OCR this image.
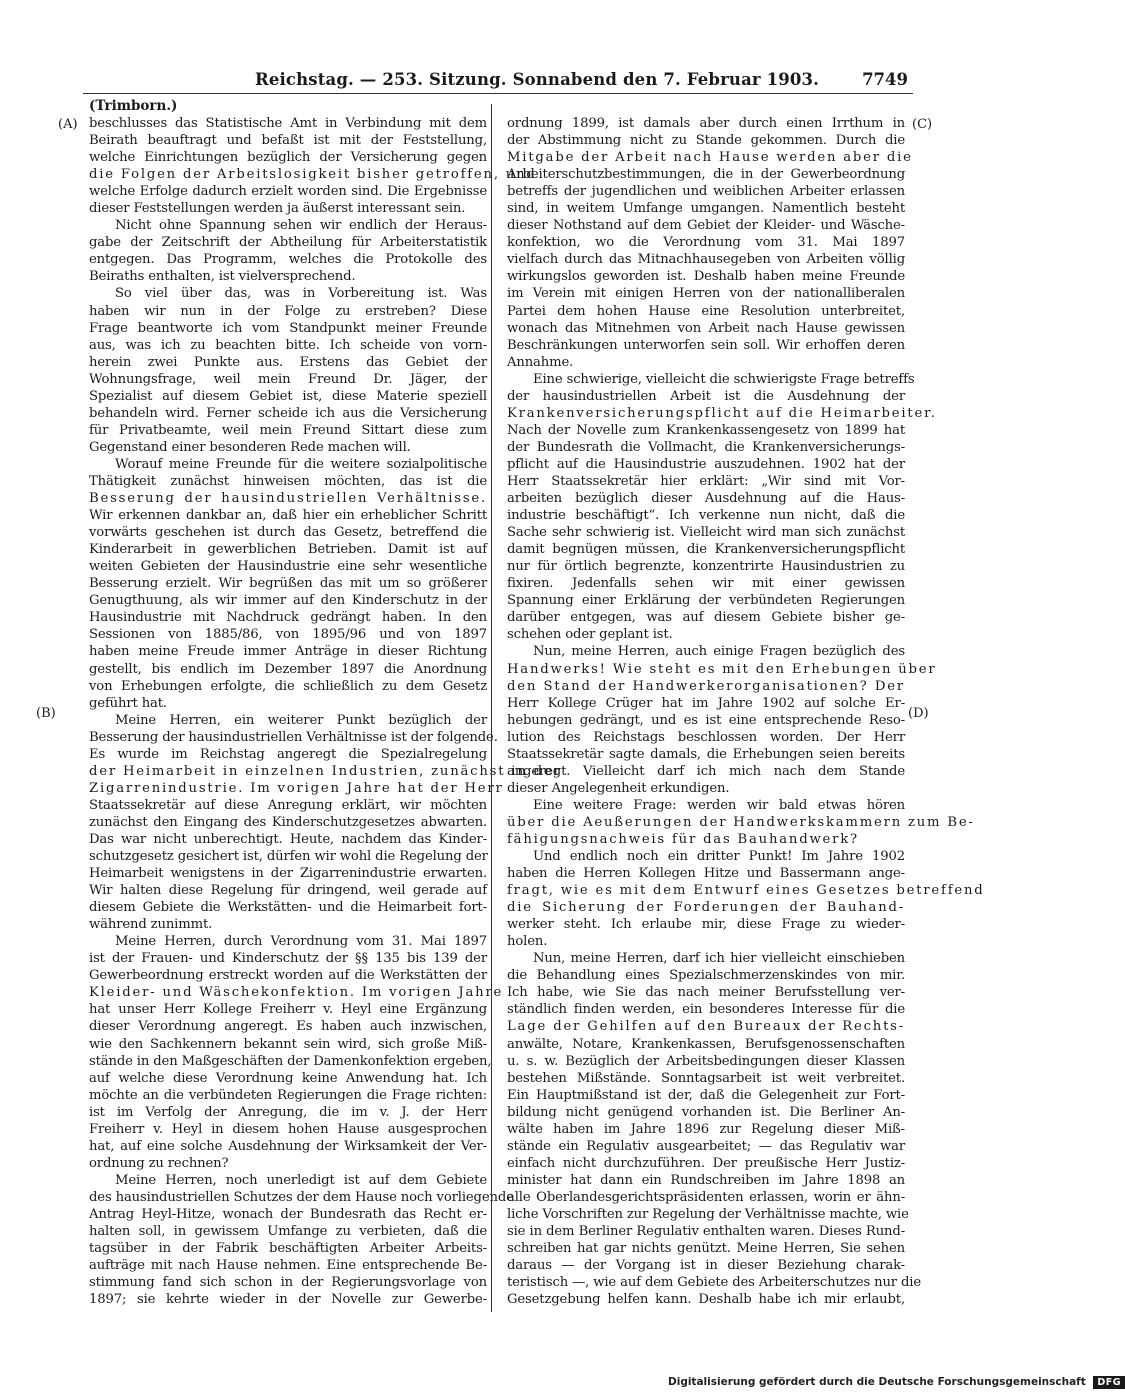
Reichstag. — 253. Sitzung. Sonnabend den 7. Februar 1903.	7749
(A)
(B)
(C)
(D)
(Trimborn.)
beschlusses das Statistische Amt in Verbindung mit dem
Beirath beauftragt und befaßt ist mit der Feststellung,
welche Einrichtungen bezüglich der Versicherung gegen
die Folgen der Arbeitslosigkeit bisher getroffen, und
welche Erfolge dadurch erzielt worden sind. Die Ergebnisse
dieser Feststellungen werden ja äußerst interessant sein.
Nicht ohne Spannung sehen wir endlich der Heraus-
gabe der Zeitschrift der Abtheilung für Arbeiterstatistik
entgegen. Das Programm, welches die Protokolle des
Beiraths enthalten, ist vielversprechend.
So viel über das, was in Vorbereitung ist. Was
haben wir nun in der Folge zu erstreben? Diese
Frage beantworte ich vom Standpunkt meiner Freunde
aus, was ich zu beachten bitte. Ich scheide von vorn-
herein zwei Punkte aus. Erstens das Gebiet der
Wohnungsfrage, weil mein Freund Dr. Jäger, der
Spezialist auf diesem Gebiet ist, diese Materie speziell
behandeln wird. Ferner scheide ich aus die Versicherung
für Privatbeamte, weil mein Freund Sittart diese zum
Gegenstand einer besonderen Rede machen will.
Worauf meine Freunde für die weitere sozialpolitische
Thätigkeit zunächst hinweisen möchten, das ist die
Besserung der hausindustriellen Verhältnisse.
Wir erkennen dankbar an, daß hier ein erheblicher Schritt
vorwärts geschehen ist durch das Gesetz, betreffend die
Kinderarbeit in gewerblichen Betrieben. Damit ist auf
weiten Gebieten der Hausindustrie eine sehr wesentliche
Besserung erzielt. Wir begrüßen das mit um so größerer
Genugthuung, als wir immer auf den Kinderschutz in der
Hausindustrie mit Nachdruck gedrängt haben. In den
Sessionen von 1885/86, von 1895/96 und von 1897
haben meine Freude immer Anträge in dieser Richtung
gestellt, bis endlich im Dezember 1897 die Anordnung
von Erhebungen erfolgte, die schließlich zu dem Gesetz
geführt hat.
Meine Herren, ein weiterer Punkt bezüglich der
Besserung der hausindustriellen Verhältnisse ist der folgende.
Es wurde im Reichstag angeregt die Spezialregelung
der Heimarbeit in einzelnen Industrien, zunächst in der
Zigarrenindustrie. Im vorigen Jahre hat der Herr
Staatssekretär auf diese Anregung erklärt, wir möchten
zunächst den Eingang des Kinderschutzgesetzes abwarten.
Das war nicht unberechtigt. Heute, nachdem das Kinder-
schutzgesetz gesichert ist, dürfen wir wohl die Regelung der
Heimarbeit wenigstens in der Zigarrenindustrie erwarten.
Wir halten diese Regelung für dringend, weil gerade auf
diesem Gebiete die Werkstätten- und die Heimarbeit fort-
während zunimmt.
Meine Herren, durch Verordnung vom 31. Mai 1897
ist der Frauen- und Kinderschutz der §§ 135 bis 139 der
Gewerbeordnung erstreckt worden auf die Werkstätten der
Kleider- und Wäschekonfektion. Im vorigen Jahre
hat unser Herr Kollege Freiherr v. Heyl eine Ergänzung
dieser Verordnung angeregt. Es haben auch inzwischen,
wie den Sachkennern bekannt sein wird, sich große Miß-
stände in den Maßgeschäften der Damenkonfektion ergeben,
auf welche diese Verordnung keine Anwendung hat. Ich
möchte an die verbündeten Regierungen die Frage richten:
ist im Verfolg der Anregung, die im v. J. der Herr
Freiherr v. Heyl in diesem hohen Hause ausgesprochen
hat, auf eine solche Ausdehnung der Wirksamkeit der Ver-
ordnung zu rechnen?
Meine Herren, noch unerledigt ist auf dem Gebiete
des hausindustriellen Schutzes der dem Hause noch vorliegende
Antrag Heyl-Hitze, wonach der Bundesrath das Recht er-
halten soll, in gewissem Umfange zu verbieten, daß die
tagsüber in der Fabrik beschäftigten Arbeiter Arbeits-
aufträge mit nach Hause nehmen. Eine entsprechende Be-
stimmung fand sich schon in der Regierungsvorlage von
1897; sie kehrte wieder in der Novelle zur Gewerbe-
ordnung 1899, ist damals aber durch einen Irrthum in
der Abstimmung nicht zu Stande gekommen. Durch die
Mitgabe der Arbeit nach Hause werden aber die
Arbeiterschutzbestimmungen, die in der Gewerbeordnung
betreffs der jugendlichen und weiblichen Arbeiter erlassen
sind, in weitem Umfange umgangen. Namentlich besteht
dieser Nothstand auf dem Gebiet der Kleider- und Wäsche-
konfektion, wo die Verordnung vom 31. Mai 1897
vielfach durch das Mitnachhausegeben von Arbeiten völlig
wirkungslos geworden ist. Deshalb haben meine Freunde
im Verein mit einigen Herren von der nationalliberalen
Partei dem hohen Hause eine Resolution unterbreitet,
wonach das Mitnehmen von Arbeit nach Hause gewissen
Beschränkungen unterworfen sein soll. Wir erhoffen deren
Annahme.
Eine schwierige, vielleicht die schwierigste Frage betreffs
der hausindustriellen Arbeit ist die Ausdehnung der
Krankenversicherungspflicht auf die Heimarbeiter.
Nach der Novelle zum Krankenkassengesetz von 1899 hat
der Bundesrath die Vollmacht, die Krankenversicherungs-
pflicht auf die Hausindustrie auszudehnen. 1902 hat der
Herr Staatssekretär hier erklärt: „Wir sind mit Vor-
arbeiten bezüglich dieser Ausdehnung auf die Haus-
industrie beschäftigt“. Ich verkenne nun nicht, daß die
Sache sehr schwierig ist. Vielleicht wird man sich zunächst
damit begnügen müssen, die Krankenversicherungspflicht
nur für örtlich begrenzte, konzentrirte Hausindustrien zu
fixiren. Jedenfalls sehen wir mit einer gewissen
Spannung einer Erklärung der verbündeten Regierungen
darüber entgegen, was auf diesem Gebiete bisher ge-
schehen oder geplant ist.
Nun, meine Herren, auch einige Fragen bezüglich des
Handwerks! Wie steht es mit den Erhebungen über
den Stand der Handwerkerorganisationen? Der
Herr Kollege Crüger hat im Jahre 1902 auf solche Er-
hebungen gedrängt, und es ist eine entsprechende Reso-
lution des Reichstags beschlossen worden. Der Herr
Staatssekretär sagte damals, die Erhebungen seien bereits
angeregt. Vielleicht darf ich mich nach dem Stande
dieser Angelegenheit erkundigen.
Eine weitere Frage: werden wir bald etwas hören
über die Aeußerungen der Handwerkskammern zum Be-
fähigungsnachweis für das Bauhandwerk?
Und endlich noch ein dritter Punkt! Im Jahre 1902
haben die Herren Kollegen Hitze und Bassermann ange-
fragt, wie es mit dem Entwurf eines Gesetzes betreffend
die Sicherung der Forderungen der Bauhand-
werker steht. Ich erlaube mir, diese Frage zu wieder-
holen.
Nun, meine Herren, darf ich hier vielleicht einschieben
die Behandlung eines Spezialschmerzenskindes von mir.
Ich habe, wie Sie das nach meiner Berufsstellung ver-
ständlich finden werden, ein besonderes Interesse für die
Lage der Gehilfen auf den Bureaux der Rechts-
anwälte, Notare, Krankenkassen, Berufsgenossenschaften
u. s. w. Bezüglich der Arbeitsbedingungen dieser Klassen
bestehen Mißstände. Sonntagsarbeit ist weit verbreitet.
Ein Hauptmißstand ist der, daß die Gelegenheit zur Fort-
bildung nicht genügend vorhanden ist. Die Berliner An-
wälte haben im Jahre 1896 zur Regelung dieser Miß-
stände ein Regulativ ausgearbeitet; — das Regulativ war
einfach nicht durchzuführen. Der preußische Herr Justiz-
minister hat dann ein Rundschreiben im Jahre 1898 an
alle Oberlandesgerichtspräsidenten erlassen, worin er ähn-
liche Vorschriften zur Regelung der Verhältnisse machte, wie
sie in dem Berliner Regulativ enthalten waren. Dieses Rund-
schreiben hat gar nichts genützt. Meine Herren, Sie sehen
daraus — der Vorgang ist in dieser Beziehung charak-
teristisch —, wie auf dem Gebiete des Arbeiterschutzes nur die
Gesetzgebung helfen kann. Deshalb habe ich mir erlaubt,
Digitalisierung gefördert durch die Deutsche Forschungsgemeinschaft DFG
